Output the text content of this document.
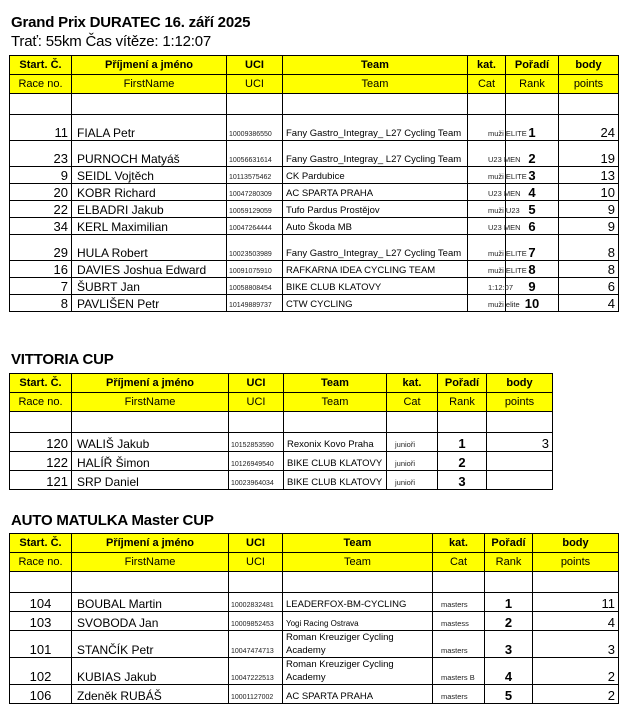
Grand Prix DURATEC 16. září 2025
Trať: 55km Čas vítěze: 1:12:07
Start. Č.	Příjmení a jméno	UCI	Team	kat.	Pořadí	body
Race no.	FirstName	UCI	Team	Cat	Rank	points

11	FIALA Petr	10009386550	Fany Gastro_Integray_ L27 Cycling Team	muži ELITE	1	24
23	PURNOCH Matyáš	10056631614	Fany Gastro_Integray_ L27 Cycling Team	U23 MEN	2	19
9	SEIDL Vojtěch	10113575462	CK Pardubice	muži ELITE	3	13
20	KOBR Richard	10047280309	AC SPARTA PRAHA	U23 MEN	4	10
22	ELBADRI Jakub	10059129059	Tufo Pardus Prostějov	muži U23	5	9
34	KERL Maximilian	10047264444	Auto Škoda MB	U23 MEN	6	9
29	HULA Robert	10023503989	Fany Gastro_Integray_ L27 Cycling Team	muži ELITE	7	8
16	DAVIES Joshua Edward	10091075910	RAFKARNA IDEA CYCLING TEAM	muži ELITE	8	8
7	ŠUBRT Jan	10058808454	BIKE CLUB KLATOVY	1:12:07	9	6
8	PAVLIŠEN Petr	10149889737	CTW CYCLING	muži elite	10	4
VITTORIA CUP
Start. Č.	Příjmení a jméno	UCI	Team	kat.	Pořadí	body
Race no.	FirstName	UCI	Team	Cat	Rank	points

120	WALIŠ Jakub	10152853590	Rexonix Kovo Praha	junioři	1	3
122	HALÍŘ Šimon	10126949540	BIKE CLUB KLATOVY	junioři	2	
121	SRP Daniel	10023964034	BIKE CLUB KLATOVY	junioři	3	
AUTO MATULKA Master CUP
Start. Č.	Příjmení a jméno	UCI	Team	kat.	Pořadí	body
Race no.	FirstName	UCI	Team	Cat	Rank	points

104	BOUBAL Martin	10002832481	LEADERFOX-BM-CYCLING	masters	1	11
103	SVOBODA Jan	10009852453	Yogi Racing Ostrava	mastess	2	4
101	STANČÍK Petr	10047474713	Roman Kreuziger Cycling Academy	masters	3	3
102	KUBIAS Jakub	10047222513	Roman Kreuziger Cycling Academy	masters B	4	2
106	Zdeněk RUBÁŠ	10001127002	AC SPARTA PRAHA	masters	5	2
